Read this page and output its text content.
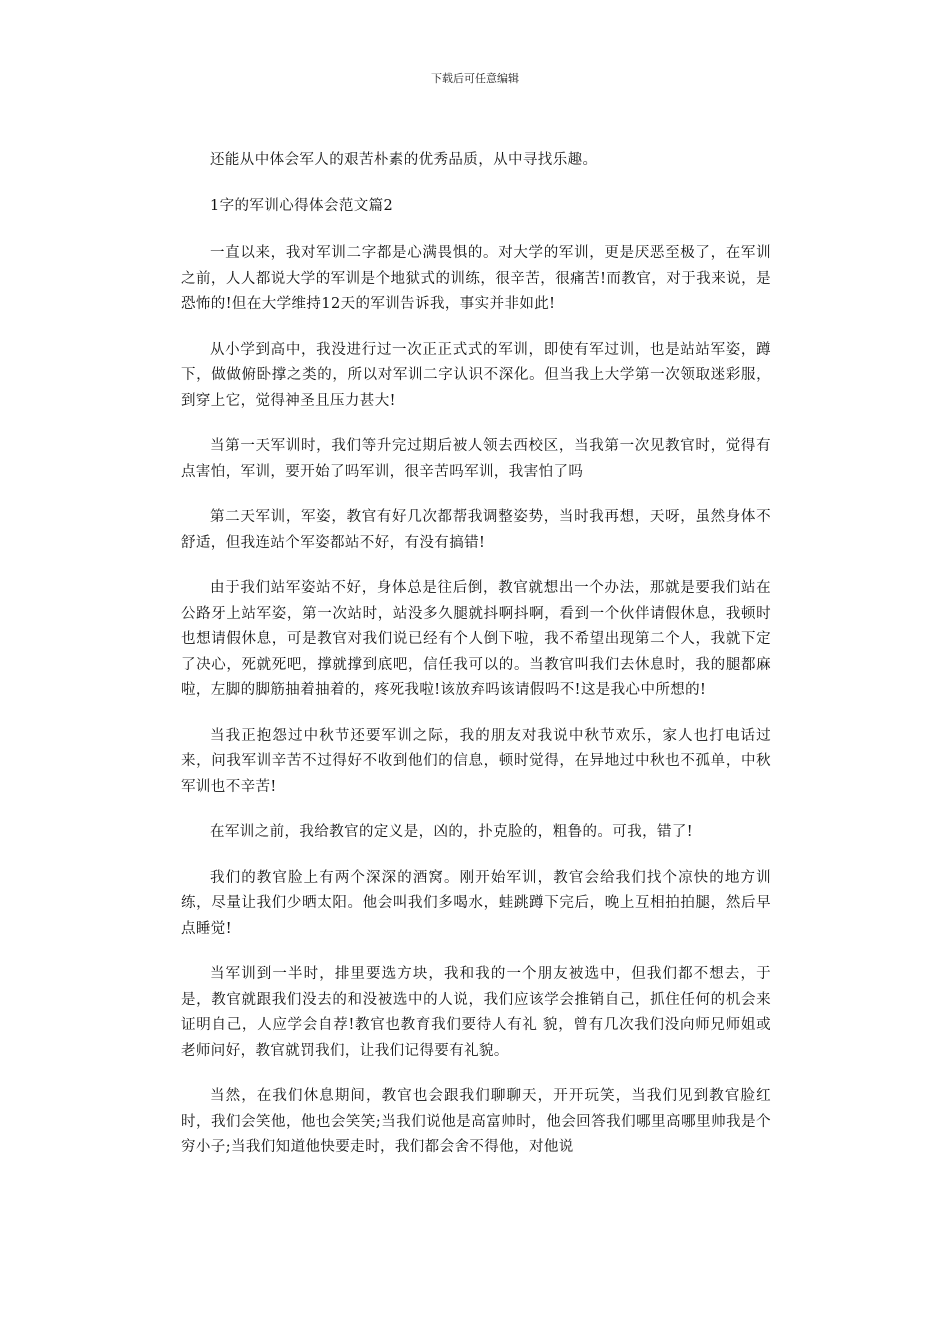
下载后可任意编辑

还能从中体会军人的艰苦朴素的优秀品质，从中寻找乐趣。

1字的军训心得体会范文篇2

一直以来，我对军训二字都是心满畏惧的。对大学的军训，更是厌恶至极了，在军训之前，人人都说大学的军训是个地狱式的训练，很辛苦，很痛苦!而教官，对于我来说，是恐怖的!但在大学维持12天的军训告诉我，事实并非如此!

从小学到高中，我没进行过一次正正式式的军训，即使有军过训，也是站站军姿，蹲下，做做俯卧撑之类的，所以对军训二字认识不深化。但当我上大学第一次领取迷彩服，到穿上它，觉得神圣且压力甚大!

当第一天军训时，我们等升完过期后被人领去西校区，当我第一次见教官时，觉得有点害怕，军训，要开始了吗军训，很辛苦吗军训，我害怕了吗

第二天军训，军姿，教官有好几次都帮我调整姿势，当时我再想，天呀，虽然身体不舒适，但我连站个军姿都站不好，有没有搞错!

由于我们站军姿站不好，身体总是往后倒，教官就想出一个办法，那就是要我们站在公路牙上站军姿，第一次站时，站没多久腿就抖啊抖啊，看到一个伙伴请假休息，我顿时也想请假休息，可是教官对我们说已经有个人倒下啦，我不希望出现第二个人，我就下定了决心，死就死吧，撑就撑到底吧，信任我可以的。当教官叫我们去休息时，我的腿都麻啦，左脚的脚筋抽着抽着的，疼死我啦!该放弃吗该请假吗不!这是我心中所想的!

当我正抱怨过中秋节还要军训之际，我的朋友对我说中秋节欢乐，家人也打电话过来，问我军训辛苦不过得好不收到他们的信息，顿时觉得，在异地过中秋也不孤单，中秋军训也不辛苦!

在军训之前，我给教官的定义是，凶的，扑克脸的，粗鲁的。可我，错了!

我们的教官脸上有两个深深的酒窝。刚开始军训，教官会给我们找个凉快的地方训练，尽量让我们少晒太阳。他会叫我们多喝水，蛙跳蹲下完后，晚上互相拍拍腿，然后早点睡觉!

当军训到一半时，排里要选方块，我和我的一个朋友被选中，但我们都不想去，于是，教官就跟我们没去的和没被选中的人说，我们应该学会推销自己，抓住任何的机会来证明自己，人应学会自荐!教官也教育我们要待人有礼 貌，曾有几次我们没向师兄师姐或老师问好，教官就罚我们，让我们记得要有礼貌。

当然，在我们休息期间，教官也会跟我们聊聊天，开开玩笑，当我们见到教官脸红时，我们会笑他，他也会笑笑;当我们说他是高富帅时，他会回答我们哪里高哪里帅我是个穷小子;当我们知道他快要走时，我们都会舍不得他，对他说
